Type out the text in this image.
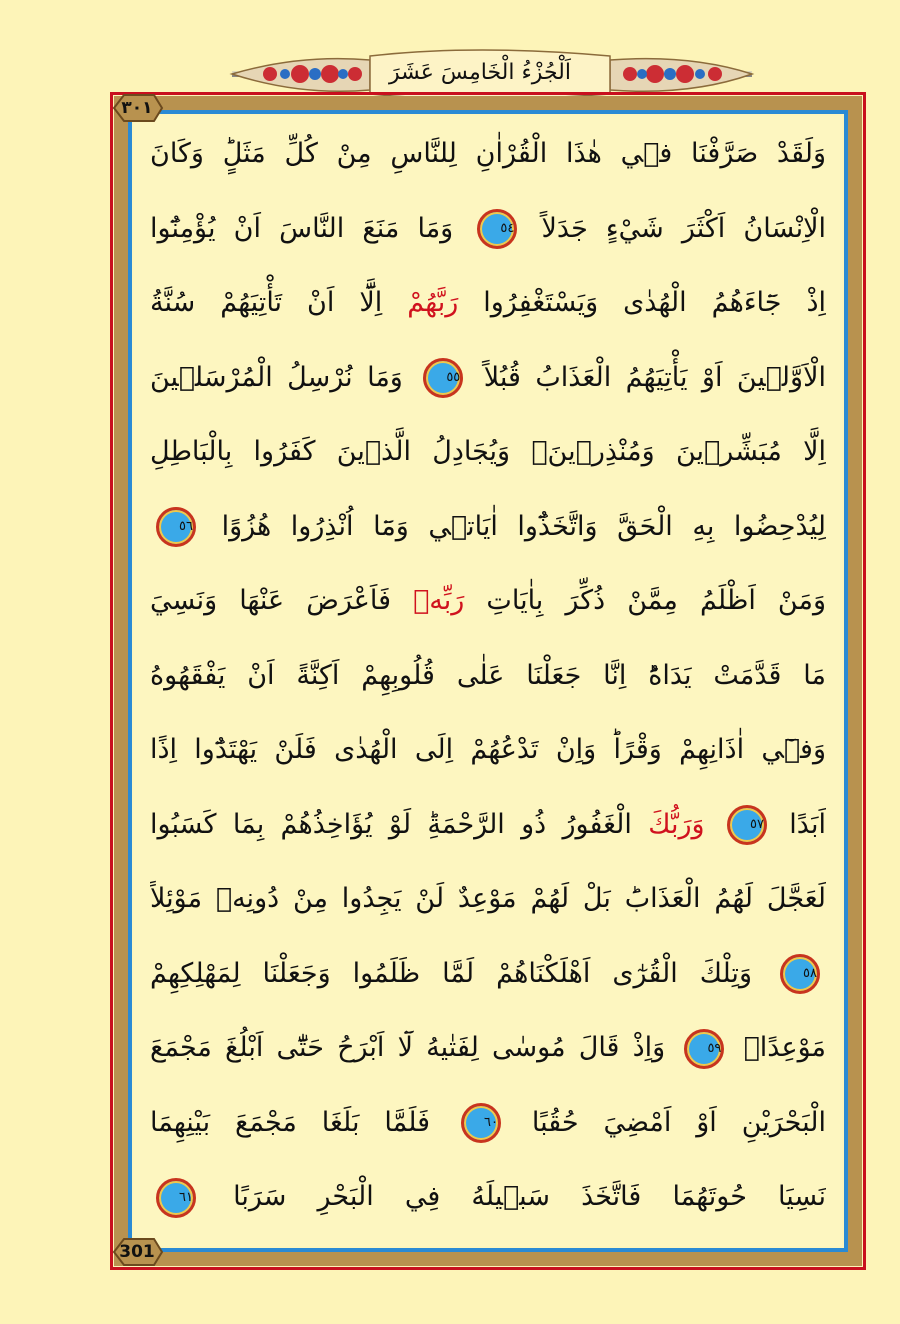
اَلْجُزْءُ الْخَامِسَ عَشَرَ
٣٠١
وَلَقَدْ صَرَّفْنَا فٖي هٰذَا الْقُرْاٰنِ لِلنَّاسِ مِنْ كُلِّ مَثَلٍؕ وَكَانَ
الْاِنْسَانُ اَكْثَرَ شَيْءٍ جَدَلاً ٥٤ وَمَا مَنَعَ النَّاسَ اَنْ يُؤْمِنُٓوا
اِذْ جَٓاءَهُمُ الْهُدٰى وَيَسْتَغْفِرُوا رَبَّهُمْ اِلَّٓا اَنْ تَأْتِيَهُمْ سُنَّةُ
الْاَوَّلٖينَ اَوْ يَأْتِيَهُمُ الْعَذَابُ قُبُلاً ٥٥ وَمَا نُرْسِلُ الْمُرْسَلٖينَ
اِلَّا مُبَشِّرٖينَ وَمُنْذِرٖينَۚ وَيُجَادِلُ الَّذٖينَ كَفَرُوا بِالْبَاطِلِ
لِيُدْحِضُوا بِهِ الْحَقَّ وَاتَّخَذُٓوا اٰيَاتٖي وَمَٓا اُنْذِرُوا هُزُوًا ٥٦
وَمَنْ اَظْلَمُ مِمَّنْ ذُكِّرَ بِاٰيَاتِ رَبِّهٖ فَاَعْرَضَ عَنْهَا وَنَسِيَ
مَا قَدَّمَتْ يَدَاهُؕ اِنَّا جَعَلْنَا عَلٰى قُلُوبِهِمْ اَكِنَّةً اَنْ يَفْقَهُوهُ
وَفٖٓي اٰذَانِهِمْ وَقْرًاؕ وَاِنْ تَدْعُهُمْ اِلَى الْهُدٰى فَلَنْ يَهْتَدُٓوا اِذًا
اَبَدًا ٥٧ وَرَبُّكَ الْغَفُورُ ذُو الرَّحْمَةِؕ لَوْ يُؤَاخِذُهُمْ بِمَا كَسَبُوا
لَعَجَّلَ لَهُمُ الْعَذَابَؕ بَلْ لَهُمْ مَوْعِدٌ لَنْ يَجِدُوا مِنْ دُونِهٖ مَوْئِلاً
٥٨ وَتِلْكَ الْقُرٰٓى اَهْلَكْنَاهُمْ لَمَّا ظَلَمُوا وَجَعَلْنَا لِمَهْلِكِهِمْ
مَوْعِدًاۧ ٥٩ وَاِذْ قَالَ مُوسٰى لِفَتٰيهُ لَٓا اَبْرَحُ حَتّٰٓى اَبْلُغَ مَجْمَعَ
الْبَحْرَيْنِ اَوْ اَمْضِيَ حُقُبًا ٦٠ فَلَمَّا بَلَغَا مَجْمَعَ بَيْنِهِمَا
نَسِيَا حُوتَهُمَا فَاتَّخَذَ سَبٖيلَهُ فِي الْبَحْرِ سَرَبًا ٦١
301
